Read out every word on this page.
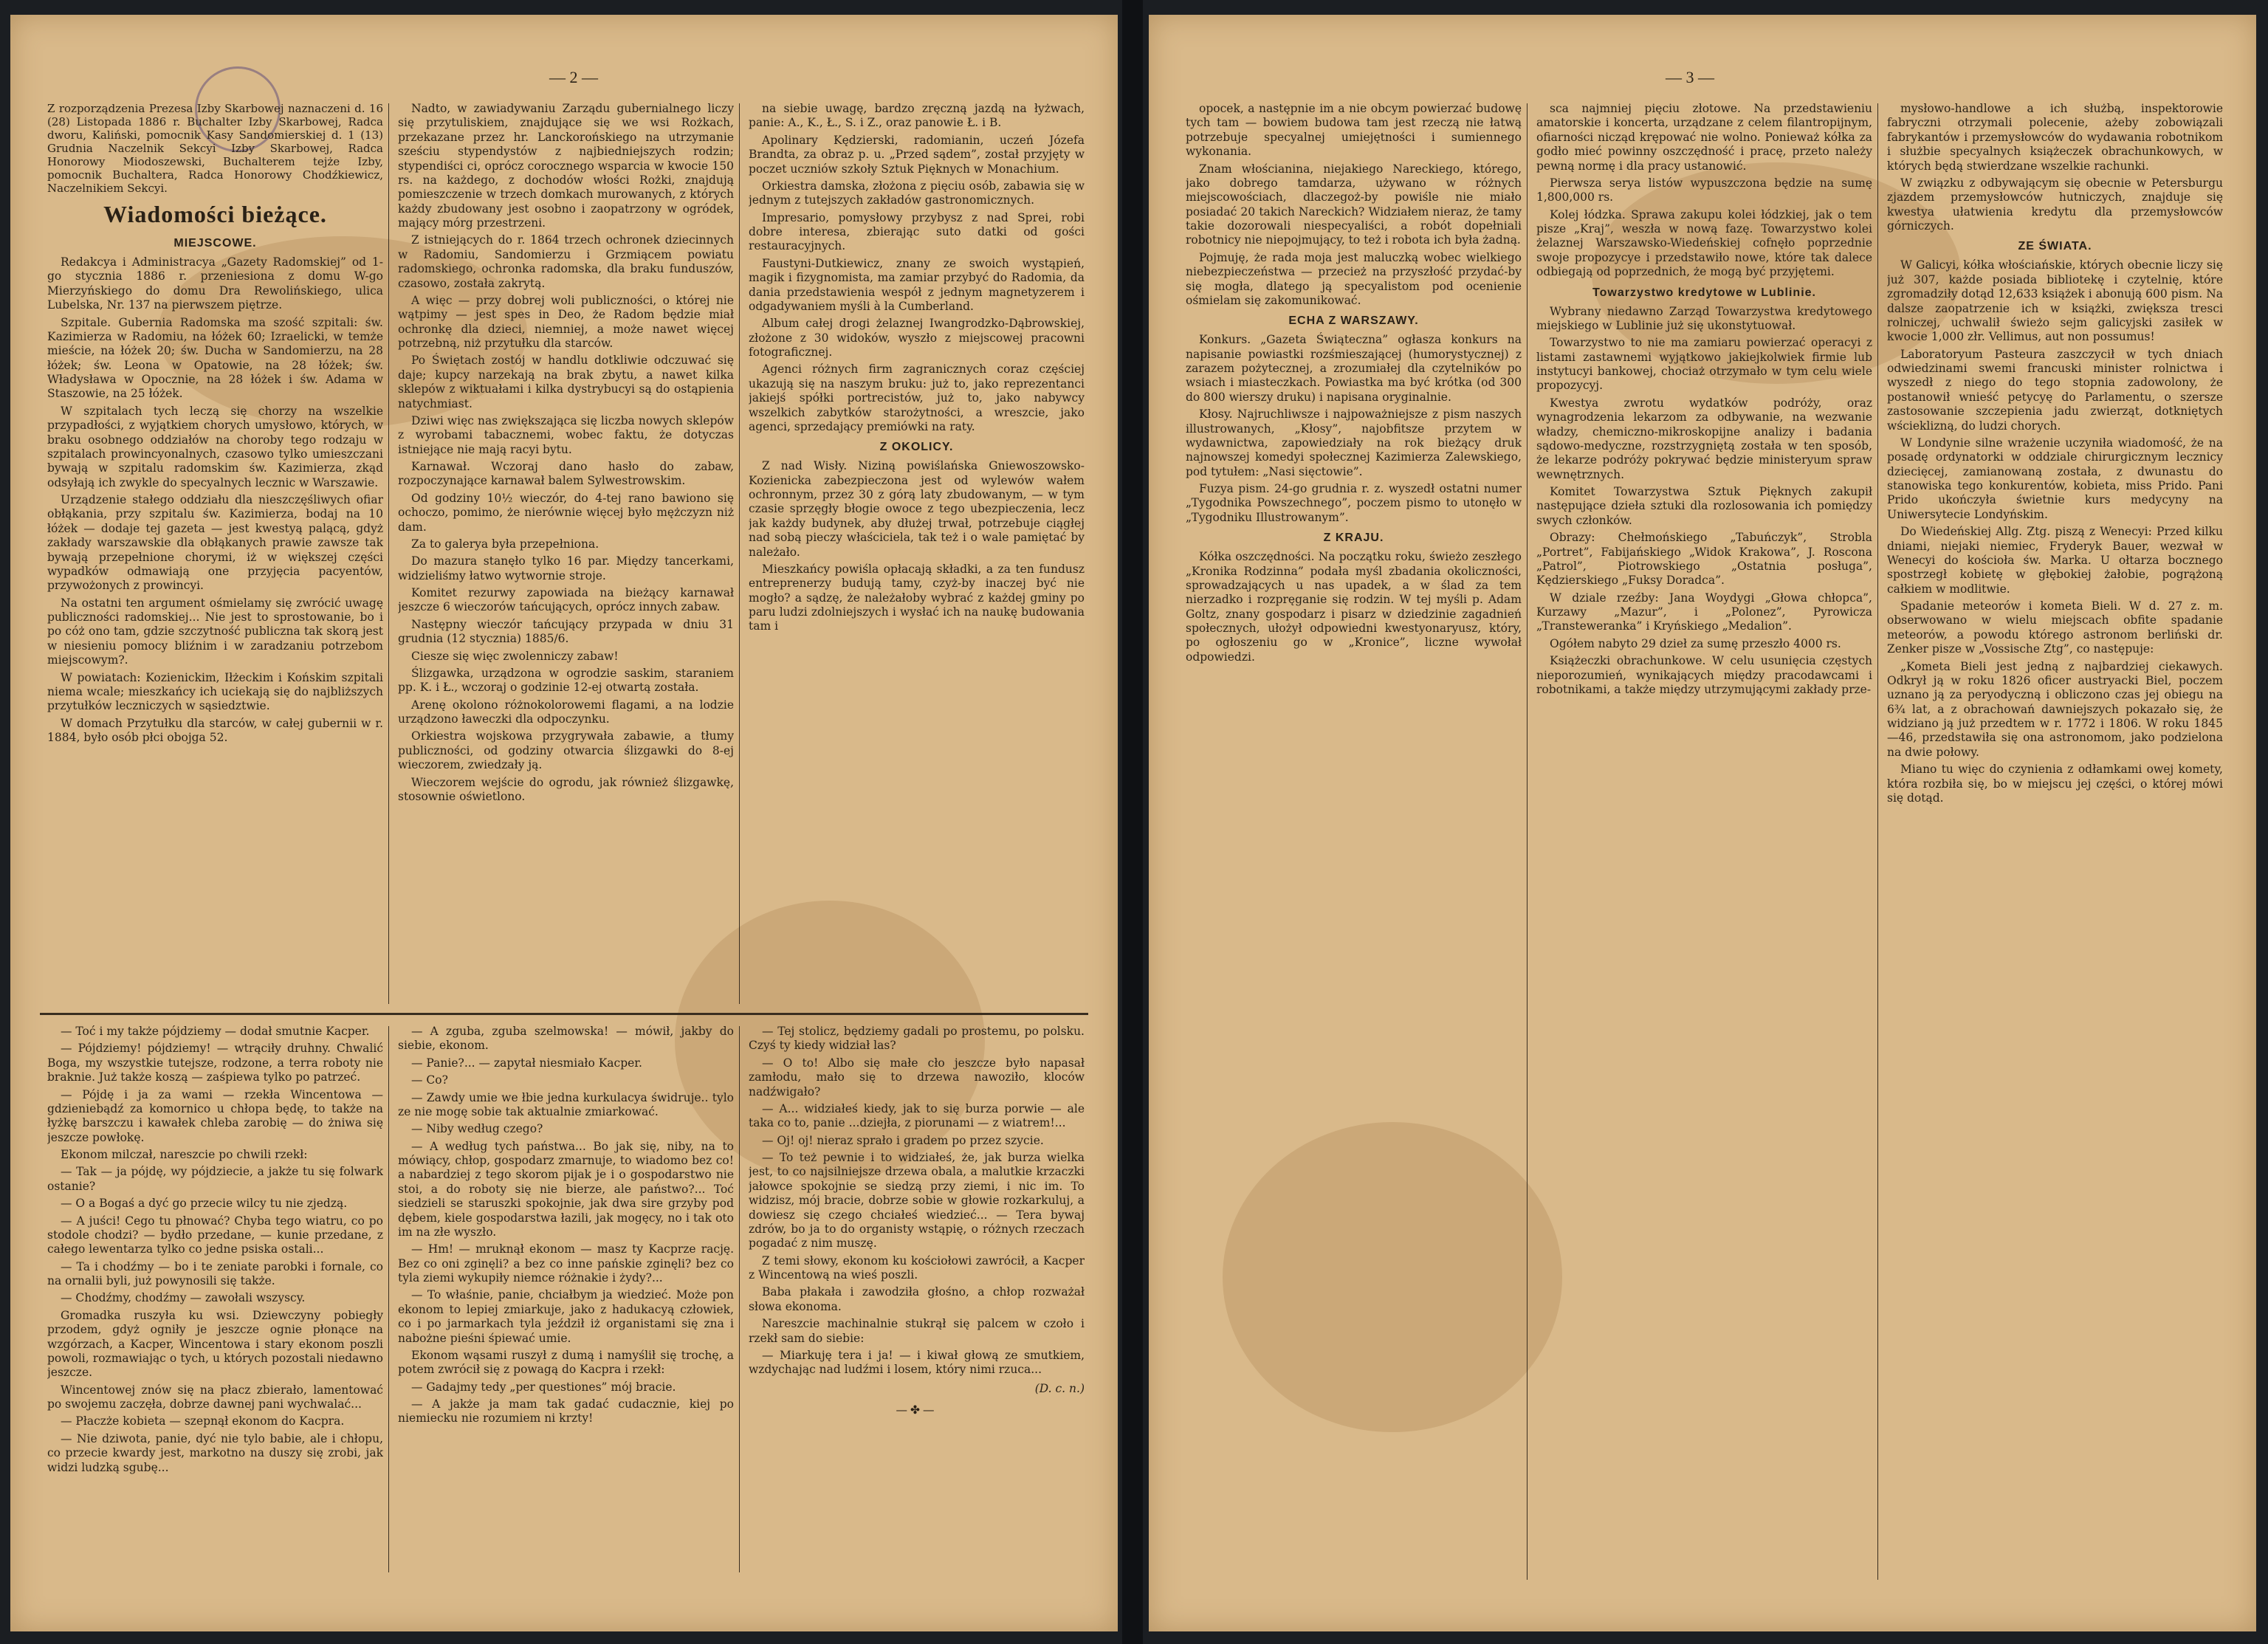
— 2 —
Z rozporządzenia Prezesa Izby Skarbowej naznaczeni d. 16 (28) Listopada 1886 r. Buchalter Izby Skarbowej, Radca dworu, Kaliński, pomocnik Kasy Sandomierskiej d. 1 (13) Grudnia Naczelnik Sekcyi Izby Skarbowej, Radca Honorowy Miodoszewski, Buchalterem tejże Izby, pomocnik Buchaltera, Radca Honorowy Chodźkiewicz, Naczelnikiem Sekcyi.
Wiadomości bieżące.
MIEJSCOWE.

Redakcya i Administracya „Gazety Radomskiej” od 1-go stycznia 1886 r. przeniesiona z domu W-go Mierzyńskiego do domu Dra Rewolińskiego, ulica Lubelska, Nr. 137 na pierwszem piętrze.

Szpitale. Gubernia Radomska ma szość szpitali: św. Kazimierza w Radomiu, na łóżek 60; Izraelicki, w temże mieście, na łóżek 20; św. Ducha w Sandomierzu, na 28 łóżek; św. Leona w Opatowie, na 28 łóżek; św. Władysława w Opocznie, na 28 łóżek i św. Adama w Staszowie, na 25 łóżek.

W szpitalach tych leczą się chorzy na wszelkie przypadłości, z wyjątkiem chorych umysłowo, których, w braku osobnego oddziałów na choroby tego rodzaju w szpitalach prowincyonalnych, czasowo tylko umieszczani bywają w szpitalu radomskim św. Kazimierza, zkąd odsyłają ich zwykle do specyalnych lecznic w Warszawie.

Urządzenie stałego oddziału dla nieszczęśliwych ofiar obłąkania, przy szpitalu św. Kazimierza, bodaj na 10 łóżek — dodaje tej gazeta — jest kwestyą palącą, gdyż zakłady warszawskie dla obłąkanych prawie zawsze tak bywają przepełnione chorymi, iż w większej części wypadków odmawiają one przyjęcia pacyentów, przywożonych z prowincyi.

Na ostatni ten argument ośmielamy się zwrócić uwagę publiczności radomskiej... Nie jest to sprostowanie, bo i po cóż ono tam, gdzie szczytność publiczna tak skorą jest w niesieniu pomocy bliźnim i w zaradzaniu potrzebom miejscowym?.

W powiatach: Kozienickim, Iłżeckim i Końskim szpitali niema wcale; mieszkańcy ich uciekają się do najbliższych przytułków leczniczych w sąsiedztwie.

W domach Przytułku dla starców, w całej gubernii w r. 1884, było osób płci obojga 52.

Nadto, w zawiadywaniu Zarządu gubernialnego liczy się przytuliskiem, znajdujące się we wsi Rożkach, przekazane przez hr. Lanckorońskiego na utrzymanie sześciu stypendystów z najbiedniejszych rodzin; stypendiści ci, oprócz corocznego wsparcia w kwocie 150 rs. na każdego, z dochodów włości Rożki, znajdują pomieszczenie w trzech domkach murowanych, z których każdy zbudowany jest osobno i zaopatrzony w ogródek, mający mórg przestrzeni.

Z istniejących do r. 1864 trzech ochronek dziecinnych w Radomiu, Sandomierzu i Grzmiącem powiatu radomskiego, ochronka radomska, dla braku funduszów, czasowo, została zakrytą.

A więc — przy dobrej woli publiczności, o której nie wątpimy — jest spes in Deo, że Radom będzie miał ochronkę dla dzieci, niemniej, a może nawet więcej potrzebną, niż przytułku dla starców.

Po Świętach zostój w handlu dotkliwie odczuwać się daje; kupcy narzekają na brak zbytu, a nawet kilka sklepów z wiktuałami i kilka dystrybucyi są do ostąpienia natychmiast.

Dziwi więc nas zwiększająca się liczba nowych sklepów z wyrobami tabacznemi, wobec faktu, że dotyczas istniejące nie mają racyi bytu.

Karnawał. Wczoraj dano hasło do zabaw, rozpoczynające karnawał balem Sylwestrowskim.

Od godziny 10½ wieczór, do 4-tej rano bawiono się ochoczo, pomimo, że nierównie więcej było mężczyzn niż dam.

Za to galerya była przepełniona.

Do mazura stanęło tylko 16 par. Między tancerkami, widzieliśmy łatwo wytwornie stroje.

Komitet rezurwy zapowiada na bieżący karnawał jeszcze 6 wieczorów tańcujących, oprócz innych zabaw.

Następny wieczór tańcujący przypada w dniu 31 grudnia (12 stycznia) 1885/6.

Ciesze się więc zwolenniczy zabaw!

Ślizgawka, urządzona w ogrodzie saskim, staraniem pp. K. i Ł., wczoraj o godzinie 12-ej otwartą została.

Arenę okolono różnokolorowemi flagami, a na lodzie urządzono ławeczki dla odpoczynku.

Orkiestra wojskowa przygrywała zabawie, a tłumy publiczności, od godziny otwarcia ślizgawki do 8-ej wieczorem, zwiedzały ją.

Wieczorem wejście do ogrodu, jak również ślizgawkę, stosownie oświetlono.

na siebie uwagę, bardzo zręczną jazdą na łyżwach, panie: A., K., Ł., S. i Z., oraz panowie Ł. i B.

Apolinary Kędzierski, radomianin, uczeń Józefa Brandta, za obraz p. u. „Przed sądem”, został przyjęty w poczet uczniów szkoły Sztuk Pięknych w Monachium.

Orkiestra damska, złożona z pięciu osób, zabawia się w jednym z tutejszych zakładów gastronomicznych.

Impresario, pomysłowy przybysz z nad Sprei, robi dobre interesa, zbierając suto datki od gości restauracyjnych.

Faustyni-Dutkiewicz, znany ze swoich wystąpień, magik i fizygnomista, ma zamiar przybyć do Radomia, da dania przedstawienia wespół z jednym magnetyzerem i odgadywaniem myśli à la Cumberland.

Album całej drogi żelaznej Iwangrodzko-Dąbrowskiej, złożone z 30 widoków, wyszło z miejscowej pracowni fotograficznej.

Agenci różnych firm zagranicznych coraz częściej ukazują się na naszym bruku: już to, jako reprezentanci jakiejś spółki portrecistów, już to, jako nabywcy wszelkich zabytków starożytności, a wreszcie, jako agenci, sprzedający premiówki na raty.

Z OKOLICY.

Z nad Wisły. Niziną powiślańska Gniewoszowsko-Kozienicka zabezpieczona jest od wylewów wałem ochronnym, przez 30 z górą laty zbudowanym, — w tym czasie sprzęgły błogie owoce z tego ubezpieczenia, lecz jak każdy budynek, aby dłużej trwał, potrzebuje ciągłej nad sobą pieczy właściciela, tak też i o wale pamiętać by należało.

Mieszkańcy powiśla opłacają składki, a za ten fundusz entreprenerzy budują tamy, czyż-by inaczej być nie mogło? a sądzę, że należałoby wybrać z każdej gminy po paru ludzi zdolniejszych i wysłać ich na naukę budowania tam i

— Toć i my także pójdziemy — dodał smutnie Kacper.

— Pójdziemy! pójdziemy! — wtrąciły druhny. Chwalić Boga, my wszystkie tutejsze, rodzone, a terra roboty nie braknie. Już także koszą — zaśpiewa tylko po patrzeć.

— Pójdę i ja za wami — rzekła Wincentowa — gdzieniebądź za komornico u chłopa będę, to także na łyżkę barszczu i kawałek chleba zarobię — do żniwa się jeszcze powłokę.

Ekonom milczał, nareszcie po chwili rzekł:

— Tak — ja pójdę, wy pójdziecie, a jakże tu się folwark ostanie?

— O a Bogaś a dyć go przecie wilcy tu nie zjedzą.

— A juści! Cego tu płnować? Chyba tego wiatru, co po stodole chodzi? — bydło przedane, — kunie przedane, z całego lewentarza tylko co jedne psiska ostali...

— Ta i chodźmy — bo i te zeniate parobki i fornale, co na ornalii byli, już powynosili się także.

— Chodźmy, chodźmy — zawołali wszyscy.

Gromadka ruszyła ku wsi. Dziewczyny pobiegły przodem, gdyż ogniły je jeszcze ognie płonące na wzgórzach, a Kacper, Wincentowa i stary ekonom poszli powoli, rozmawiając o tych, u których pozostali niedawno jeszcze.

Wincentowej znów się na płacz zbierało, lamentować po swojemu zaczęła, dobrze dawnej pani wychwalać...

— Płaczże kobieta — szepnął ekonom do Kacpra.

— Nie dziwota, panie, dyć nie tylo babie, ale i chłopu, co przecie kwardy jest, markotno na duszy się zrobi, jak widzi ludzką sgubę...

— A zguba, zguba szelmowska! — mówił, jakby do siebie, ekonom.

— Panie?... — zapytał niesmiało Kacper.

— Co?

— Zawdy umie we łbie jedna kurkulacya świdruje.. tylo ze nie mogę sobie tak aktualnie zmiarkować.

— Niby według czego?

— A według tych państwa... Bo jak się, niby, na to mówiący, chłop, gospodarz zmarnuje, to wiadomo bez co! a nabardziej z tego skorom pijak je i o gospodarstwo nie stoi, a do roboty się nie bierze, ale państwo?... Toć siedzieli se staruszki spokojnie, jak dwa sire grzyby pod dębem, kiele gospodarstwa łazili, jak mogęcy, no i tak oto im na złe wyszło.

— Hm! — mruknął ekonom — masz ty Kacprze rację. Bez co oni zginęli? a bez co inne pańskie zginęli? bez co tyla ziemi wykupiły niemce różnakie i żydy?...

— To właśnie, panie, chciałbym ja wiedzieć. Może pon ekonom to lepiej zmiarkuje, jako z hadukacyą człowiek, co i po jarmarkach tyla jeździł iż organistami się zna i nabożne pieśni śpiewać umie.

Ekonom wąsami ruszył z dumą i namyślił się trochę, a potem zwrócił się z powagą do Kacpra i rzekł:

— Gadajmy tedy „per questiones” mój bracie.

— A jakże ja mam tak gadać cudacznie, kiej po niemiecku nie rozumiem ni krzty!

— Tej stolicz, będziemy gadali po prostemu, po polsku. Czyś ty kiedy widział las?

— O to! Albo się małe cło jeszcze było napasał zamłodu, mało się to drzewa nawoziło, kloców nadźwigało?

— A... widziałeś kiedy, jak to się burza porwie — ale taka co to, panie ...dziejła, z piorunami — z wiatrem!...

— Oj! oj! nieraz sprało i gradem po przez szycie.

— To też pewnie i to widziałeś, że, jak burza wielka jest, to co najsilniejsze drzewa obala, a malutkie krzaczki jałowce spokojnie se siedzą przy ziemi, i nic im. To widzisz, mój bracie, dobrze sobie w głowie rozkarkuluj, a dowiesz się czego chciałeś wiedzieć... — Tera bywaj zdrów, bo ja to do organisty wstąpię, o różnych rzeczach pogadać z nim muszę.

Z temi słowy, ekonom ku kościołowi zawrócił, a Kacper z Wincentową na wieś poszli.

Baba płakała i zawodziła głośno, a chłop rozważał słowa ekonoma.

Nareszcie machinalnie stukrął się palcem w czoło i rzekł sam do siebie:

— Miarkuję tera i ja! — i kiwał głową ze smutkiem, wzdychając nad ludźmi i losem, który nimi rzuca...

(D. c. n.)
—✤—
— 3 —

opocek, a następnie im a nie obcym powierzać budowę tych tam — bowiem budowa tam jest rzeczą nie łatwą potrzebuje specyalnej umiejętności i sumiennego wykonania.

Znam włościanina, niejakiego Nareckiego, którego, jako dobrego tamdarza, używano w różnych miejscowościach, dlaczegoż-by powiśle nie miało posiadać 20 takich Nareckich? Widziałem nieraz, że tamy takie dozorowali niespecyaliści, a robót dopełniali robotnicy nie niepojmujący, to też i robota ich była żadną.

Pojmuję, że rada moja jest maluczką wobec wielkiego niebezpieczeństwa — przecież na przyszłość przydać-by się mogła, dlatego ją specyalistom pod ocenienie ośmielam się zakomunikować.

ECHA Z WARSZAWY.

Konkurs. „Gazeta Świąteczna” ogłasza konkurs na napisanie powiastki rozśmieszającej (humorystycznej) z zarazem pożytecznej, a zrozumiałej dla czytelników po wsiach i miasteczkach. Powiastka ma być krótka (od 300 do 800 wierszy druku) i napisana oryginalnie.

Kłosy. Najruchliwsze i najpoważniejsze z pism naszych illustrowanych, „Kłosy”, najobfitsze przytem w wydawnictwa, zapowiedziały na rok bieżący druk najnowszej komedyi społecznej Kazimierza Zalewskiego, pod tytułem: „Nasi sięctowie”.

Fuzya pism. 24-go grudnia r. z. wyszedł ostatni numer „Tygodnika Powszechnego”, poczem pismo to utonęło w „Tygodniku Illustrowanym”.

Z KRAJU.

Kółka oszczędności. Na początku roku, świeżo zeszłego „Kronika Rodzinna” podała myśl zbadania okoliczności, sprowadzających u nas upadek, a w ślad za tem nierzadko i rozpręganie się rodzin. W tej myśli p. Adam Goltz, znany gospodarz i pisarz w dziedzinie zagadnień społecznych, ułożył odpowiedni kwestyonaryusz, który, po ogłoszeniu go w „Kronice”, liczne wywołał odpowiedzi.

sca najmniej pięciu złotowe. Na przedstawieniu amatorskie i koncerta, urządzane z celem filantropijnym, ofiarności nicząd krępować nie wolno. Ponieważ kółka za godło mieć powinny oszczędność i pracę, przeto należy pewną normę i dla pracy ustanowić.

Pierwsza serya listów wypuszczona będzie na sumę 1,800,000 rs.

Kolej łódzka. Sprawa zakupu kolei łódzkiej, jak o tem pisze „Kraj”, weszła w nową fazę. Towarzystwo kolei żelaznej Warszawsko-Wiedeńskiej cofnęło poprzednie swoje propozycye i przedstawiło nowe, które tak dalece odbiegają od poprzednich, że mogą być przyjętemi.

Towarzystwo kredytowe w Lublinie.

Wybrany niedawno Zarząd Towarzystwa kredytowego miejskiego w Lublinie już się ukonstytuował.

Towarzystwo to nie ma zamiaru powierzać operacyi z listami zastawnemi wyjątkowo jakiejkolwiek firmie lub instytucyi bankowej, chociaż otrzymało w tym celu wiele propozycyj.

Kwestya zwrotu wydatków podróży, oraz wynagrodzenia lekarzom za odbywanie, na wezwanie władzy, chemiczno-mikroskopijne analizy i badania sądowo-medyczne, rozstrzygniętą została w ten sposób, że lekarze podróży pokrywać będzie ministeryum spraw wewnętrznych.

Komitet Towarzystwa Sztuk Pięknych zakupił następujące dzieła sztuki dla rozlosowania ich pomiędzy swych członków.

Obrazy: Chełmońskiego „Tabuńczyk”, Strobla „Portret”, Fabijańskiego „Widok Krakowa”, J. Roscona „Patrol”, Piotrowskiego „Ostatnia posługa”, Kędzierskiego „Fuksy Doradca”.

W dziale rzeźby: Jana Woydygi „Głowa chłopca”, Kurzawy „Mazur”, i „Polonez”, Pyrowicza „Transteweranka” i Kryńskiego „Medalion”.

Ogółem nabyto 29 dzieł za sumę przeszło 4000 rs.

Książeczki obrachunkowe. W celu usunięcia częstych nieporozumień, wynikających między pracodawcami i robotnikami, a także między utrzymującymi zakłady prze-

mysłowo-handlowe a ich służbą, inspektorowie fabryczni otrzymali polecenie, ażeby zobowiązali fabrykantów i przemysłowców do wydawania robotnikom i służbie specyalnych książeczek obrachunkowych, w których będą stwierdzane wszelkie rachunki.

W związku z odbywającym się obecnie w Petersburgu zjazdem przemysłowców hutniczych, znajduje się kwestya ułatwienia kredytu dla przemysłowców górniczych.

ZE ŚWIATA.

W Galicyi, kółka włościańskie, których obecnie liczy się już 307, każde posiada bibliotekę i czytelnię, które zgromadziły dotąd 12,633 książek i abonują 600 pism. Na dalsze zaopatrzenie ich w książki, zwiększa tresci rolniczej, uchwalił świeżo sejm galicyjski zasiłek w kwocie 1,000 złr. Vellimus, aut non possumus!

Laboratoryum Pasteura zaszczycił w tych dniach odwiedzinami swemi francuski minister rolnictwa i wyszedł z niego do tego stopnia zadowolony, że postanowił wnieść petycyę do Parlamentu, o szersze zastosowanie szczepienia jadu zwierząt, dotkniętych wścieklizną, do ludzi chorych.

W Londynie silne wrażenie uczyniła wiadomość, że na posadę ordynatorki w oddziale chirurgicznym lecznicy dziecięcej, zamianowaną została, z dwunastu do stanowiska tego konkurentów, kobieta, miss Prido. Pani Prido ukończyła świetnie kurs medycyny na Uniwersytecie Londyńskim.

Do Wiedeńskiej Allg. Ztg. piszą z Wenecyi: Przed kilku dniami, niejaki niemiec, Fryderyk Bauer, wezwał w Wenecyi do kościoła św. Marka. U ołtarza bocznego spostrzegł kobietę w głębokiej żałobie, pogrążoną całkiem w modlitwie.

Spadanie meteorów i kometa Bieli. W d. 27 z. m. obserwowano w wielu miejscach obfite spadanie meteorów, a powodu którego astronom berliński dr. Zenker pisze w „Vossische Ztg”, co następuje:

„Kometa Bieli jest jedną z najbardziej ciekawych. Odkrył ją w roku 1826 oficer austryacki Biel, poczem uznano ją za peryodyczną i obliczono czas jej obiegu na 6¾ lat, a z obrachowań dawniejszych pokazało się, że widziano ją już przedtem w r. 1772 i 1806. W roku 1845—46, przedstawiła się ona astronomom, jako podzielona na dwie połowy.

Miano tu więc do czynienia z odłamkami owej komety, która rozbiła się, bo w miejscu jej części, o której mówi się dotąd.
